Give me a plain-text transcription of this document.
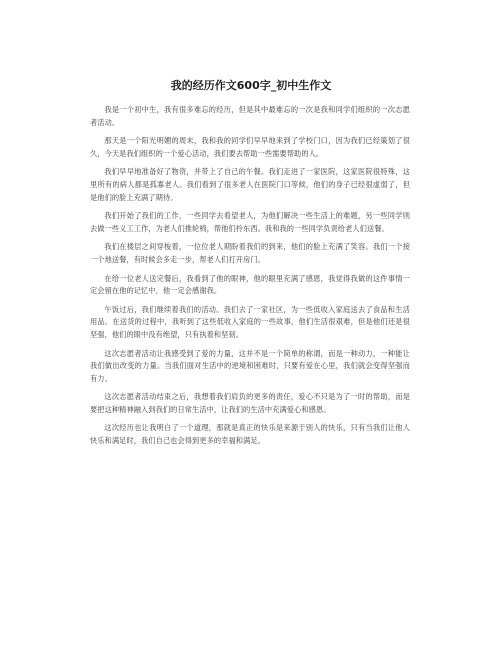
我的经历作文600字_初中生作文

我是一个初中生，我有很多难忘的经历，但是其中最难忘的一次是我和同学们组织的一次志愿者活动。

那天是一个阳光明媚的周末，我和我的同学们早早地来到了学校门口，因为我们已经策划了很久，今天是我们组织的一个爱心活动，我们要去帮助一些需要帮助的人。

我们早早地准备好了物资，并带上了自己的午餐。我们走进了一家医院，这家医院很特殊，这里所有的病人都是孤寡老人。我们看到了很多老人在医院门口等候，他们的身子已经很虚弱了，但是他们的脸上充满了期待。

我们开始了我们的工作，一些同学去看望老人，为他们解决一些生活上的难题，另一些同学则去做一些义工工作，为老人们推轮椅，帮他们拎东西。我和我的一些同学负责给老人们送餐。

我们在楼层之间穿梭着，一位位老人期盼着我们的到来，他们的脸上充满了笑容。我们一个接一个地送餐，有时候会多走一步，帮老人们打开房门。

在给一位老人送完餐后，我看到了他的眼神，他的眼里充满了感恩，我觉得我做的这件事情一定会留在他的记忆中，他一定会感谢我。

午饭过后，我们继续着我们的活动。我们去了一家社区，为一些低收入家庭送去了食品和生活用品。在送货的过程中，我听到了这些低收入家庭的一些故事，他们生活很艰难，但是他们还是很坚强，他们的眼中没有绝望，只有执着和坚韧。

这次志愿者活动让我感受到了爱的力量，这并不是一个简单的称谓，而是一种动力，一种能让我们做出改变的力量。当我们面对生活中的逆境和困难时，只要有爱在心里，我们就会变得坚强而有力。

这次志愿者活动结束之后，我想着我们肩负的更多的责任，爱心不只是为了一时的帮助，而是要把这种精神融入到我们的日常生活中，让我们的生活中充满爱心和感恩。

这次经历也让我明白了一个道理，那就是真正的快乐是来源于别人的快乐，只有当我们让他人快乐和满足时，我们自己也会得到更多的幸福和满足。
